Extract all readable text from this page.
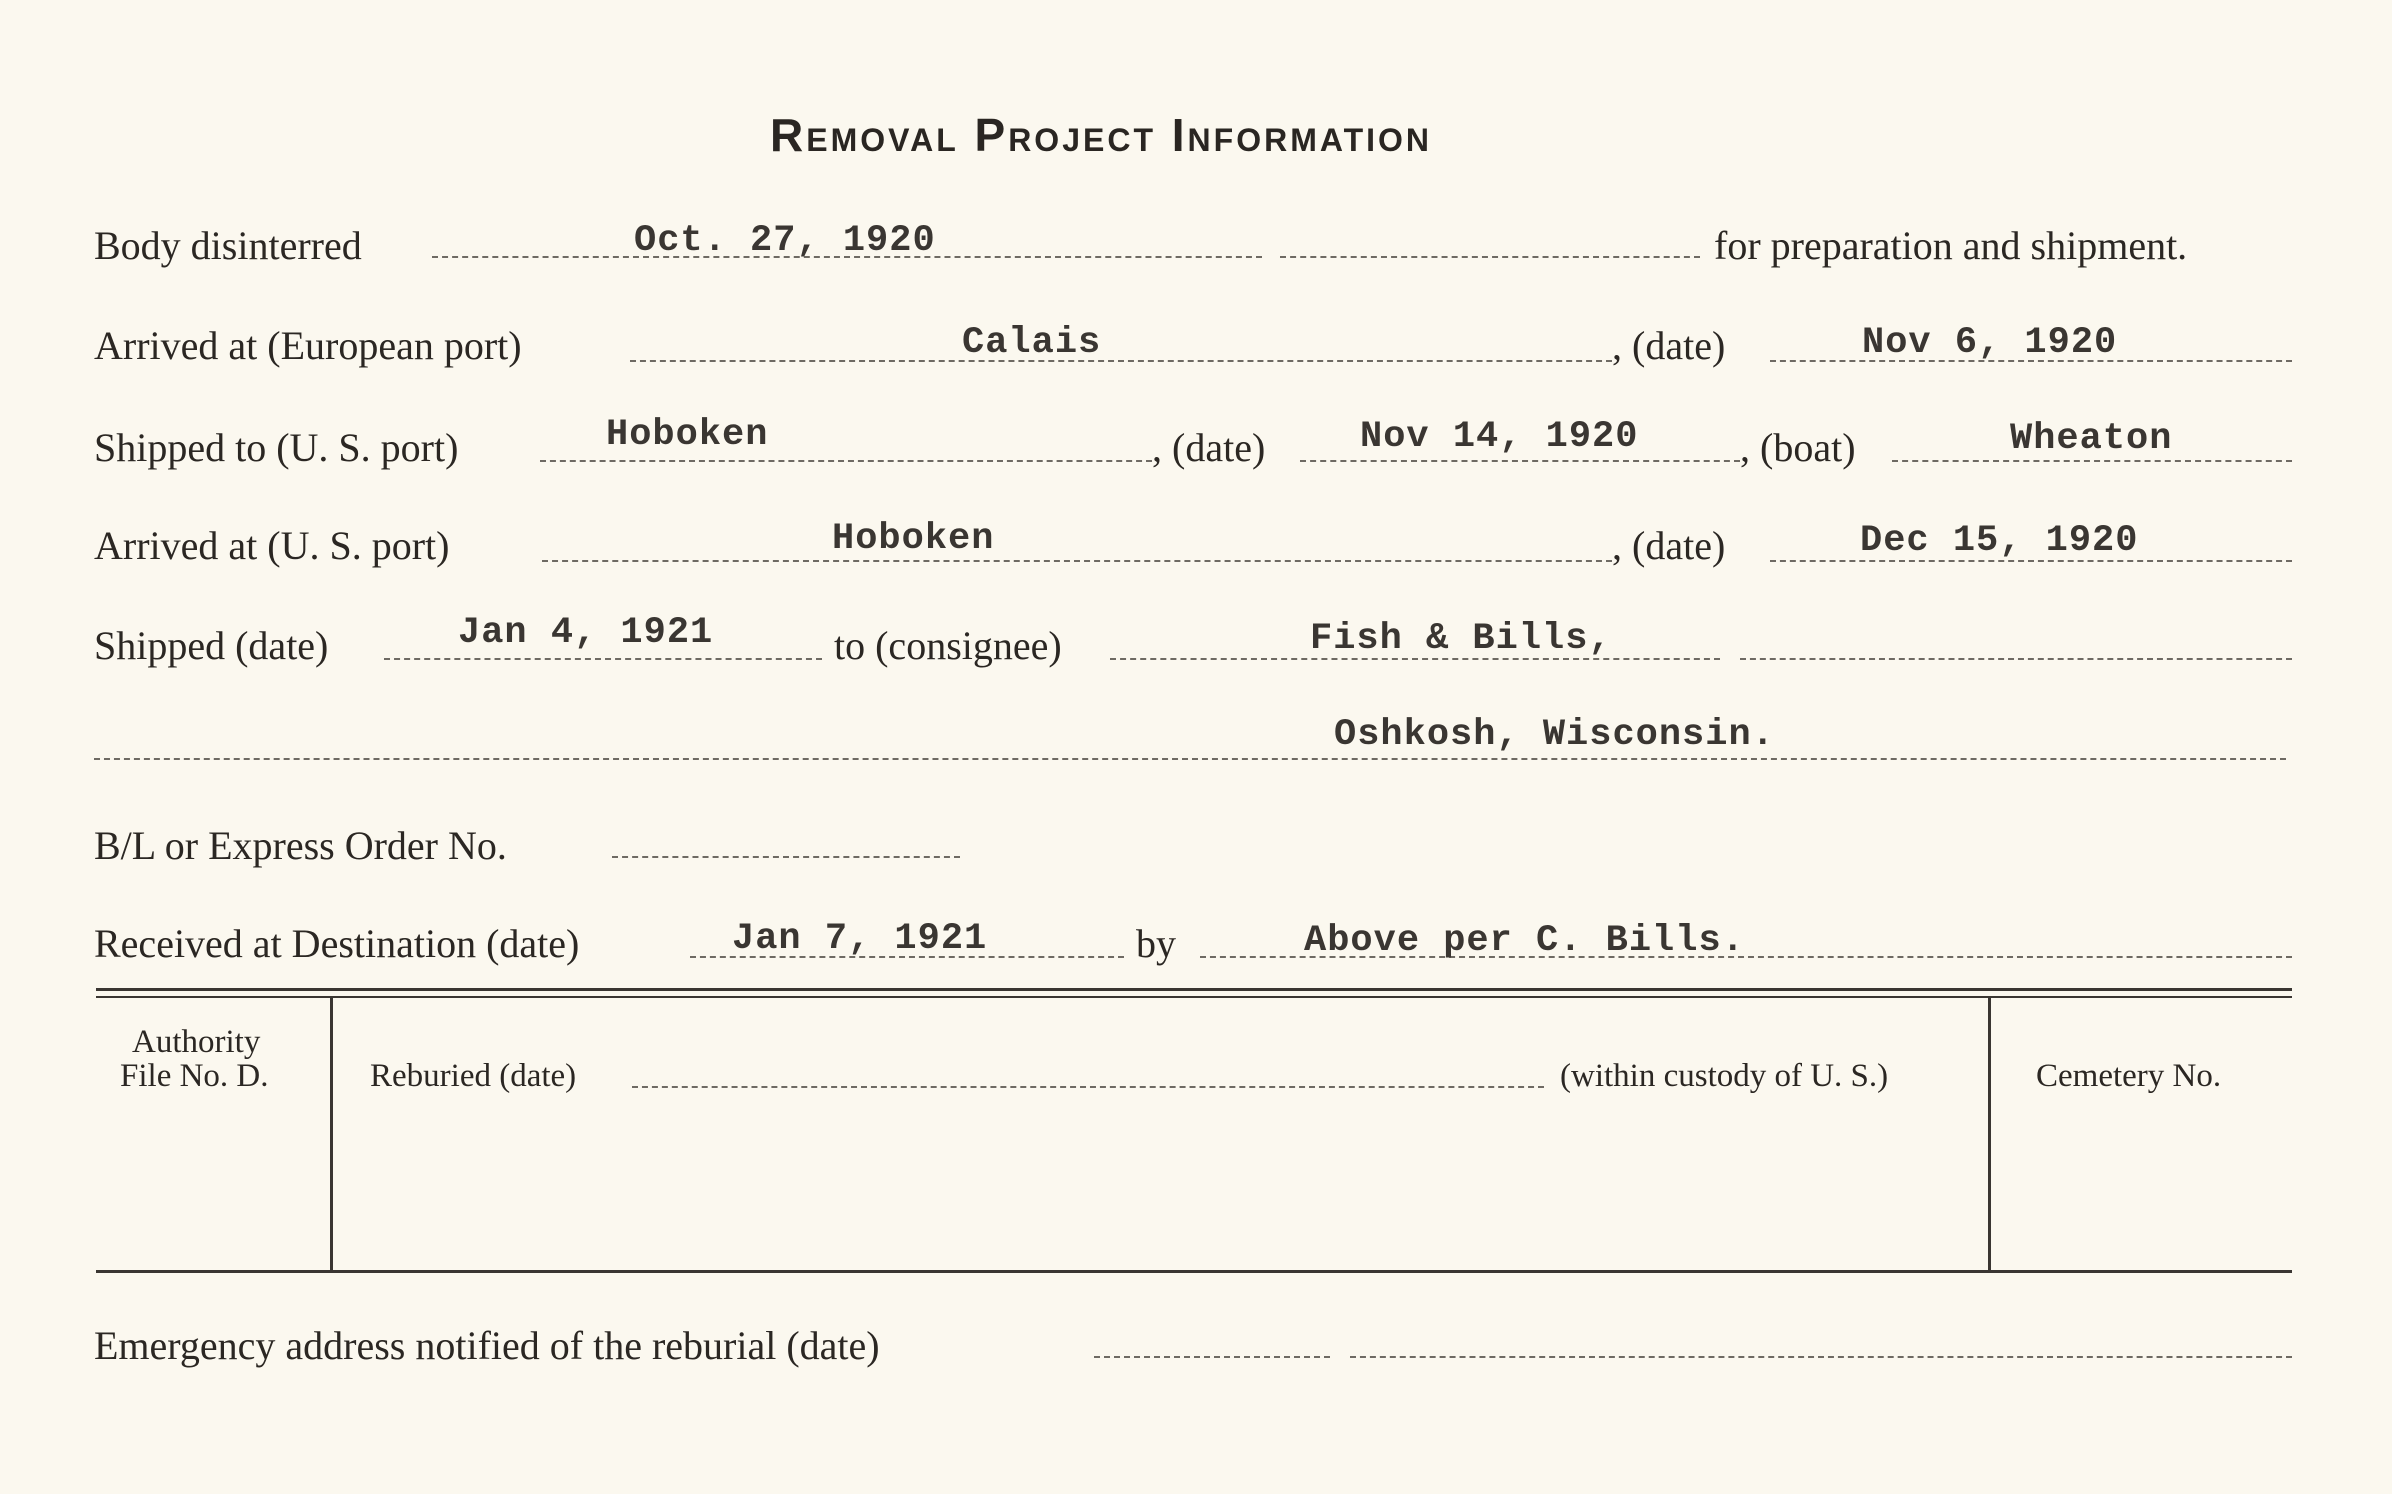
Removal Project Information
Body disinterred	Oct. 27, 1920	for preparation and shipment.
Arrived at (European port)	Calais	, (date)	Nov 6, 1920
Shipped to (U. S. port)	Hoboken	, (date)	Nov 14, 1920	, (boat)	Wheaton
Arrived at (U. S. port)	Hoboken	, (date)	Dec 15, 1920
Shipped (date)	Jan 4, 1921	to (consignee)	Fish & Bills,
Oshkosh, Wisconsin.
B/L or Express Order No.
Received at Destination (date)	Jan 7, 1921	by	Above per C. Bills.
Authority
File No. D.	Reburied (date)	(within custody of U. S.)	Cemetery No.
Emergency address notified of the reburial (date)
